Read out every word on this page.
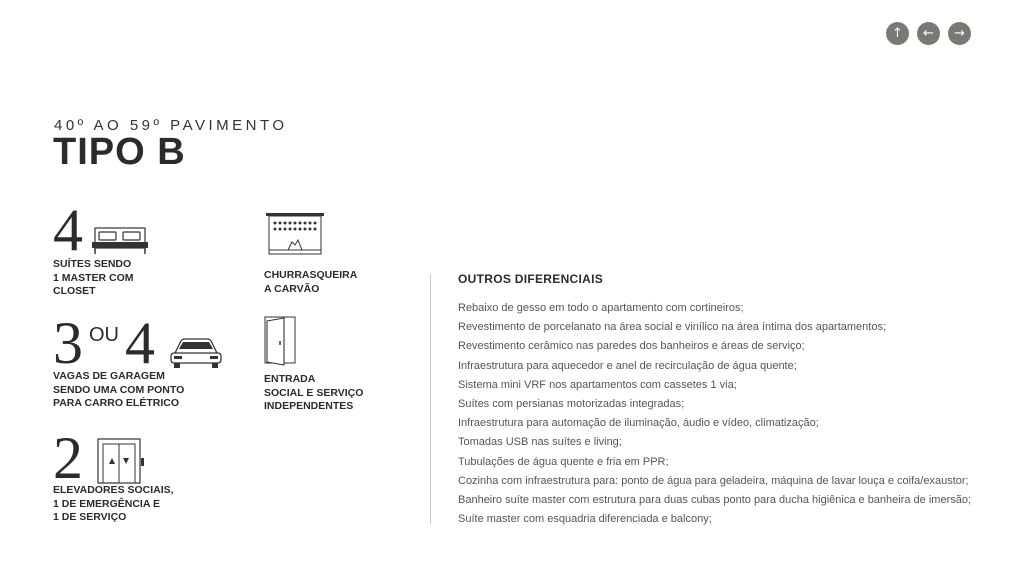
↑ ← →
40º AO 59º PAVIMENTO
TIPO B
4
SUÍTES SENDO
1 MASTER COM
CLOSET
CHURRASQUEIRA
A CARVÃO
3 OU 4
VAGAS DE GARAGEM
SENDO UMA COM PONTO
PARA CARRO ELÉTRICO
ENTRADA
SOCIAL E SERVIÇO
INDEPENDENTES
2
ELEVADORES SOCIAIS,
1 DE EMERGÊNCIA E
1 DE SERVIÇO
OUTROS DIFERENCIAIS
Rebaixo de gesso em todo o apartamento com cortineiros;
Revestimento de porcelanato na área social e vinílico na área íntima dos apartamentos;
Revestimento cerâmico nas paredes dos banheiros e áreas de serviço;
Infraestrutura para aquecedor e anel de recirculação de água quente;
Sistema mini VRF nos apartamentos com cassetes 1 via;
Suítes com persianas motorizadas integradas;
Infraestrutura para automação de iluminação, áudio e vídeo, climatização;
Tomadas USB nas suítes e living;
Tubulações de água quente e fria em PPR;
Cozinha com infraestrutura para: ponto de água para geladeira, máquina de lavar louça e coifa/exaustor;
Banheiro suíte master com estrutura para duas cubas ponto para ducha higiênica e banheira de imersão;
Suíte master com esquadria diferenciada e balcony;
